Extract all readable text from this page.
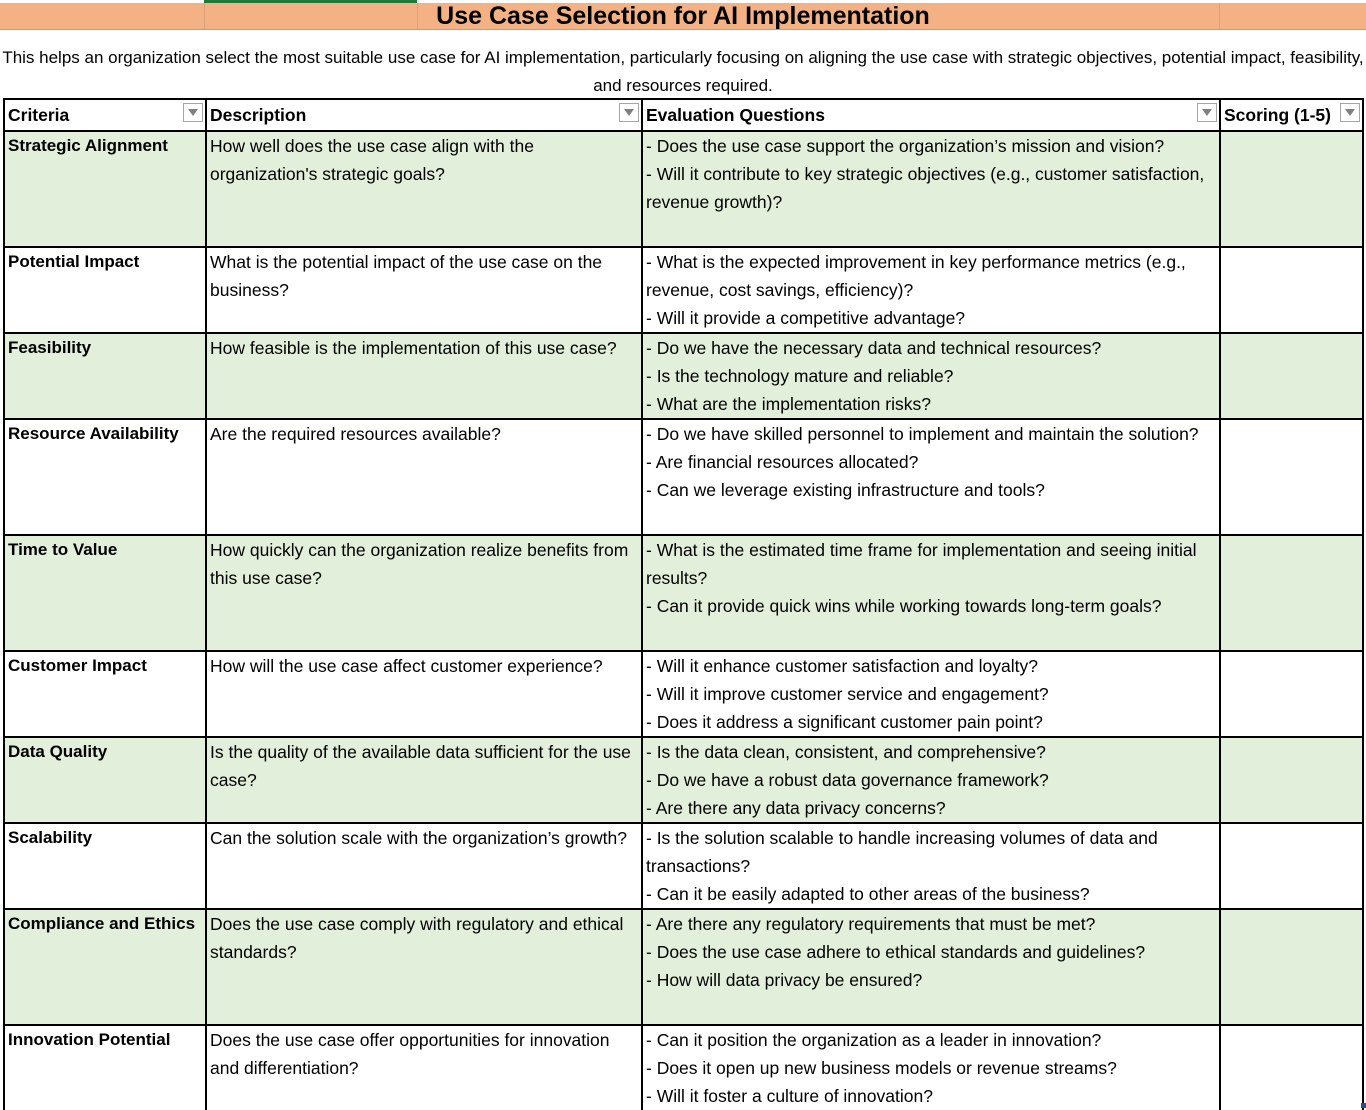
Use Case Selection for AI Implementation
This helps an organization select the most suitable use case for AI implementation, particularly focusing on aligning the use case with strategic objectives, potential impact, feasibility, and resources required.
Criteria	Description	Evaluation Questions	Scoring (1-5)

Strategic Alignment	How well does the use case align with the organization's strategic goals?	- Does the use case support the organization’s mission and vision?
- Will it contribute to key strategic objectives (e.g., customer satisfaction, revenue growth)?	

Potential Impact	What is the potential impact of the use case on the business?	- What is the expected improvement in key performance metrics (e.g., revenue, cost savings, efficiency)?
- Will it provide a competitive advantage?	

Feasibility	How feasible is the implementation of this use case?	- Do we have the necessary data and technical resources?
- Is the technology mature and reliable?
- What are the implementation risks?	

Resource Availability	Are the required resources available?	- Do we have skilled personnel to implement and maintain the solution?
- Are financial resources allocated?
- Can we leverage existing infrastructure and tools?	

Time to Value	How quickly can the organization realize benefits from this use case?	- What is the estimated time frame for implementation and seeing initial results?
- Can it provide quick wins while working towards long-term goals?	

Customer Impact	How will the use case affect customer experience?	- Will it enhance customer satisfaction and loyalty?
- Will it improve customer service and engagement?
- Does it address a significant customer pain point?	

Data Quality	Is the quality of the available data sufficient for the use case?	- Is the data clean, consistent, and comprehensive?
- Do we have a robust data governance framework?
- Are there any data privacy concerns?	

Scalability	Can the solution scale with the organization’s growth?	- Is the solution scalable to handle increasing volumes of data and transactions?
- Can it be easily adapted to other areas of the business?	

Compliance and Ethics	Does the use case comply with regulatory and ethical standards?	- Are there any regulatory requirements that must be met?
- Does the use case adhere to ethical standards and guidelines?
- How will data privacy be ensured?	

Innovation Potential	Does the use case offer opportunities for innovation and differentiation?	- Can it position the organization as a leader in innovation?
- Does it open up new business models or revenue streams?
- Will it foster a culture of innovation?	
